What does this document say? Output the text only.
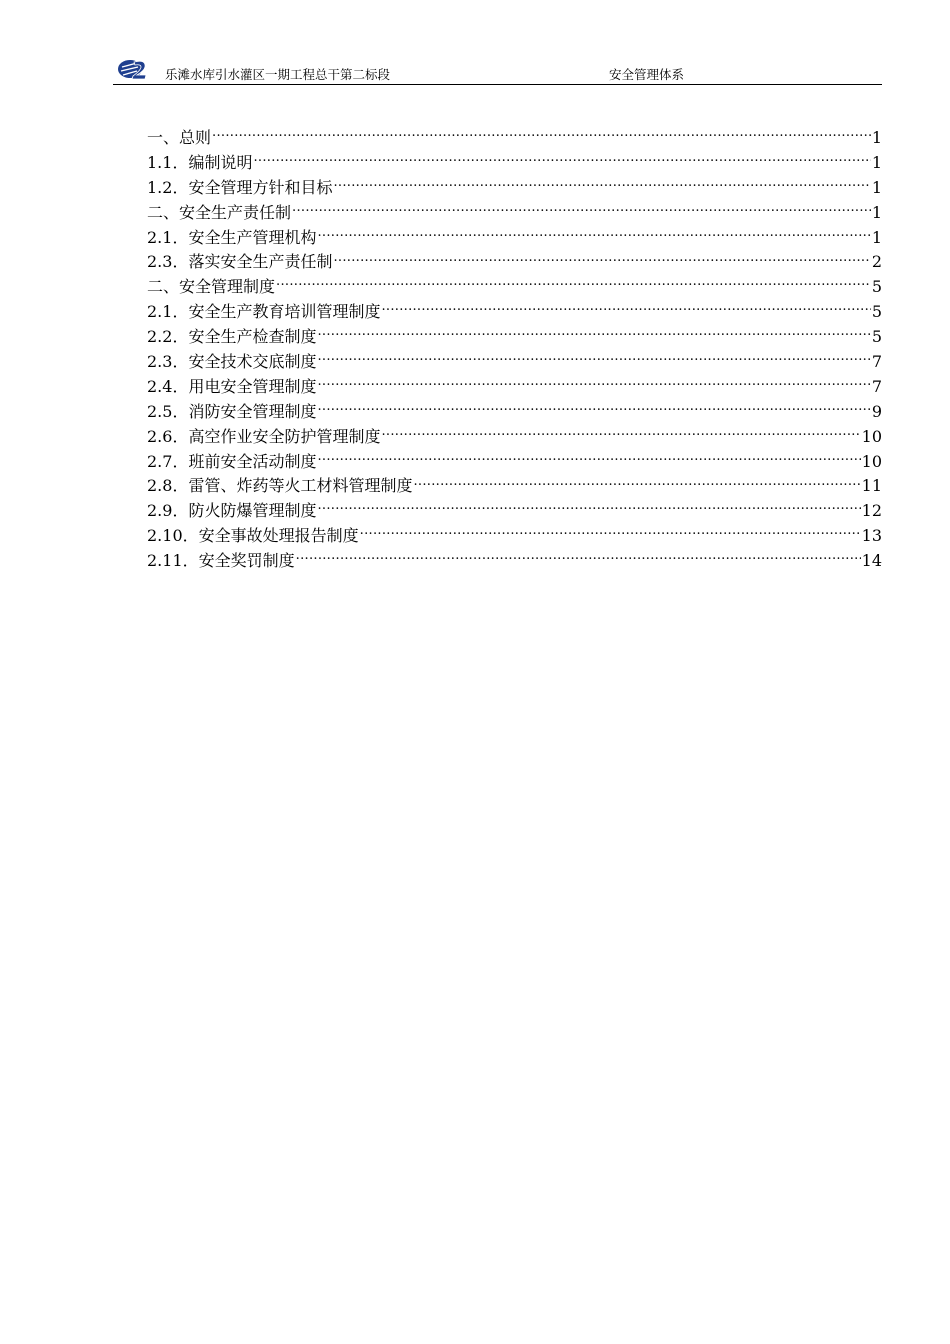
乐滩水库引水灌区一期工程总干第二标段	安全管理体系
一、 总则 .....	1
1.1． 编制说明 .....	1
1.2． 安全管理方针和目标 .....	1
二、 安全生产责任制 .....	1
2.1． 安全生产管理机构 .....	1
2.3． 落实安全生产责任制 .....	2
二、 安全管理制度 .....	5
2.1． 安全生产教育培训管理制度 .....	5
2.2． 安全生产检查制度 .....	5
2.3． 安全技术交底制度 .....	7
2.4． 用电安全管理制度 .....	7
2.5． 消防安全管理制度 .....	9
2.6． 高空作业安全防护管理制度 .....	10
2.7． 班前安全活动制度 .....	10
2.8． 雷管、炸药等火工材料管理制度 .....	11
2.9． 防火防爆管理制度 .....	12
2.10． 安全事故处理报告制度 .....	13
2.11． 安全奖罚制度 .....	14
